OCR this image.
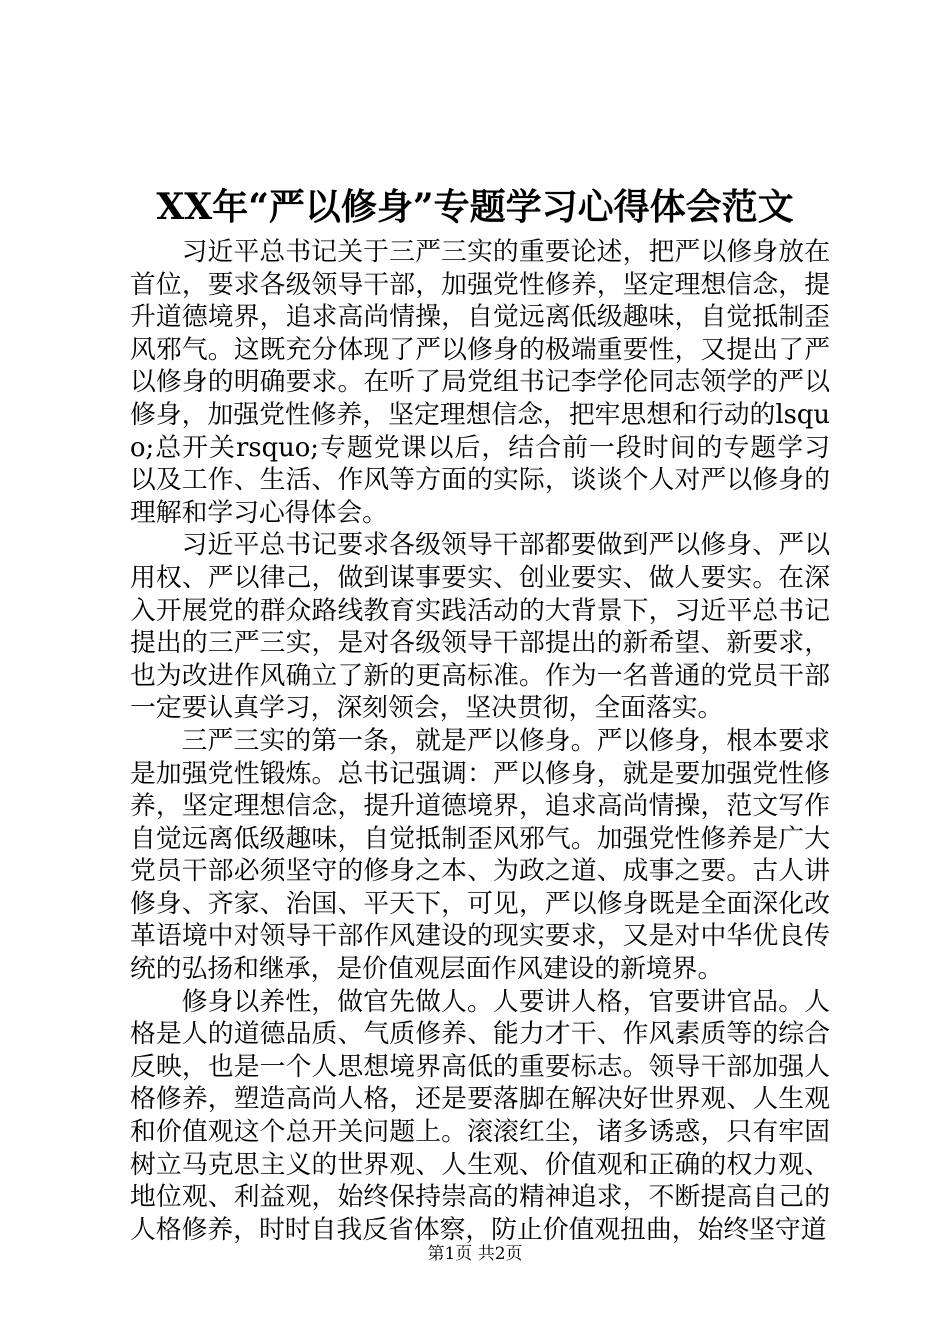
XX年“严以修身”专题学习心得体会范文

习近平总书记关于三严三实的重要论述，把严以修身放在首位，要求各级领导干部，加强党性修养，坚定理想信念，提升道德境界，追求高尚情操，自觉远离低级趣味，自觉抵制歪风邪气。这既充分体现了严以修身的极端重要性，又提出了严以修身的明确要求。在听了局党组书记李学伦同志领学的严以修身，加强党性修养，坚定理想信念，把牢思想和行动的lsquo;总开关rsquo;专题党课以后，结合前一段时间的专题学习以及工作、生活、作风等方面的实际，谈谈个人对严以修身的理解和学习心得体会。

习近平总书记要求各级领导干部都要做到严以修身、严以用权、严以律己，做到谋事要实、创业要实、做人要实。在深入开展党的群众路线教育实践活动的大背景下，习近平总书记提出的三严三实，是对各级领导干部提出的新希望、新要求，也为改进作风确立了新的更高标准。作为一名普通的党员干部一定要认真学习，深刻领会，坚决贯彻，全面落实。

三严三实的第一条，就是严以修身。严以修身，根本要求是加强党性锻炼。总书记强调：严以修身，就是要加强党性修养，坚定理想信念，提升道德境界，追求高尚情操，范文写作自觉远离低级趣味，自觉抵制歪风邪气。加强党性修养是广大党员干部必须坚守的修身之本、为政之道、成事之要。古人讲修身、齐家、治国、平天下，可见，严以修身既是全面深化改革语境中对领导干部作风建设的现实要求，又是对中华优良传统的弘扬和继承，是价值观层面作风建设的新境界。

修身以养性，做官先做人。人要讲人格，官要讲官品。人格是人的道德品质、气质修养、能力才干、作风素质等的综合反映，也是一个人思想境界高低的重要标志。领导干部加强人格修养，塑造高尚人格，还是要落脚在解决好世界观、人生观和价值观这个总开关问题上。滚滚红尘，诸多诱惑，只有牢固树立马克思主义的世界观、人生观、价值观和正确的权力观、地位观、利益观，始终保持崇高的精神追求，不断提高自己的人格修养，时时自我反省体察，防止价值观扭曲，始终坚守道

第1页 共2页
